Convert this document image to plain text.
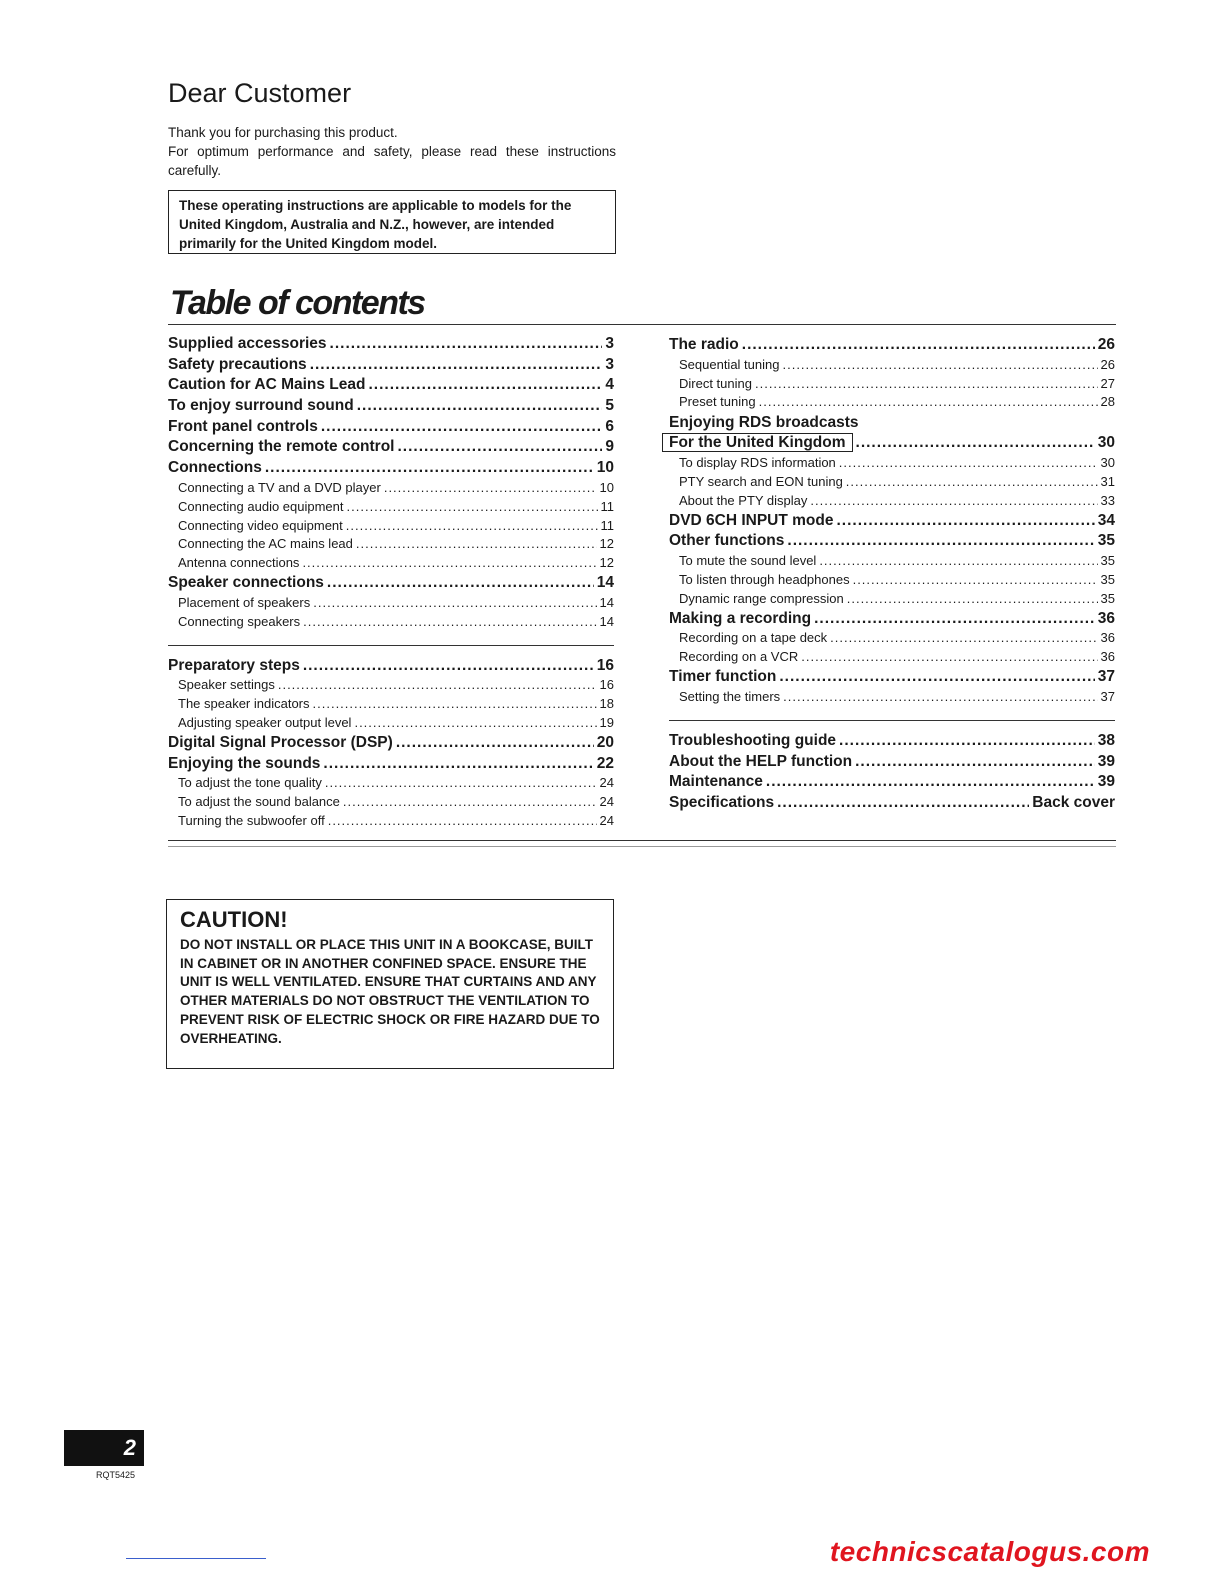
Dear Customer

Thank you for purchasing this product.

For optimum performance and safety, please read these instructions carefully.

These operating instructions are applicable to models for the United Kingdom, Australia and N.Z., however, are intended primarily for the United Kingdom model.
Table of contents
Supplied accessories .....	3
Safety precautions .....	3
Caution for AC Mains Lead .....	4
To enjoy surround sound .....	5
Front panel controls .....	6
Concerning the remote control .....	9
Connections .....	10
Connecting a TV and a DVD player .....	10
Connecting audio equipment .....	11
Connecting video equipment .....	11
Connecting the AC mains lead .....	12
Antenna connections .....	12
Speaker connections .....	14
Placement of speakers .....	14
Connecting speakers .....	14
Preparatory steps .....	16
Speaker settings .....	16
The speaker indicators .....	18
Adjusting speaker output level .....	19
Digital Signal Processor (DSP) .....	20
Enjoying the sounds .....	22
To adjust the tone quality .....	24
To adjust the sound balance .....	24
Turning the subwoofer off .....	24
The radio .....	26
Sequential tuning .....	26
Direct tuning .....	27
Preset tuning .....	28
Enjoying RDS broadcasts
For the United Kingdom .....	30
To display RDS information .....	30
PTY search and EON tuning .....	31
About the PTY display .....	33
DVD 6CH INPUT mode .....	34
Other functions .....	35
To mute the sound level .....	35
To listen through headphones .....	35
Dynamic range compression .....	35
Making a recording .....	36
Recording on a tape deck .....	36
Recording on a VCR .....	36
Timer function .....	37
Setting the timers .....	37
Troubleshooting guide .....	38
About the HELP function .....	39
Maintenance .....	39
Specifications .....	Back cover
CAUTION!
DO NOT INSTALL OR PLACE THIS UNIT IN A BOOKCASE, BUILT IN CABINET OR IN ANOTHER CONFINED SPACE. ENSURE THE UNIT IS WELL VENTILATED. ENSURE THAT CURTAINS AND ANY OTHER MATERIALS DO NOT OBSTRUCT THE VENTILATION TO PREVENT RISK OF ELECTRIC SHOCK OR FIRE HAZARD DUE TO OVERHEATING.
2
RQT5425
technicscatalogus.com
